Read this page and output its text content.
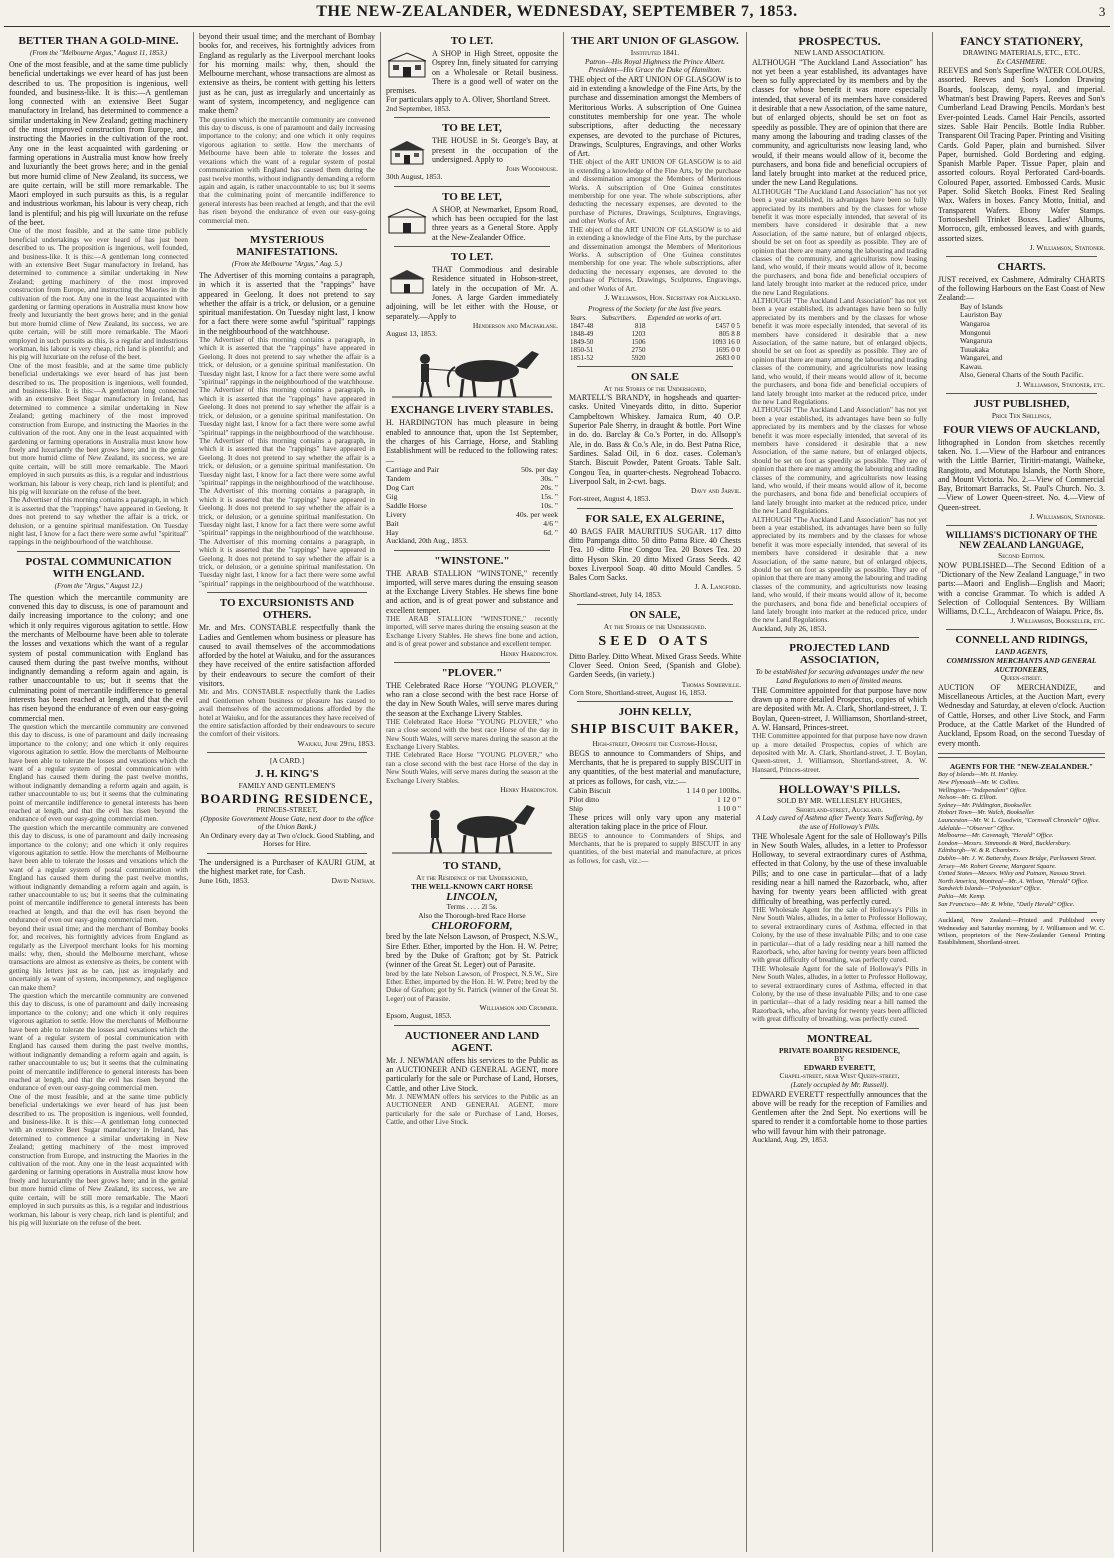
THE NEW-ZEALANDER, WEDNESDAY, SEPTEMBER 7, 1853.	3
BETTER THAN A GOLD-MINE.
(From the "Melbourne Argus," August 11, 1853.)
One of the most feasible, and at the same time publicly beneficial undertakings we ever heard of has just been described to us. The proposition is ingenious, well founded, and business-like. It is this:—A gentleman long connected with an extensive Beet Sugar manufactory in Ireland, has determined to commence a similar undertaking in New Zealand; getting machinery of the most improved construction from Europe, and instructing the Maories in the cultivation of the root. Any one in the least acquainted with gardening or farming operations in Australia must know how freely and luxuriantly the beet grows here; and in the genial but more humid clime of New Zealand, its success, we are quite certain, will be still more remarkable. The Maori employed in such pursuits as this, is a regular and industrious workman, his labour is very cheap, rich land is plentiful; and his pig will luxuriate on the refuse of the beet.
One of the most feasible, and at the same time publicly beneficial undertakings we ever heard of has just been described to us. The proposition is ingenious, well founded, and business-like. It is this:—A gentleman long connected with an extensive Beet Sugar manufactory in Ireland, has determined to commence a similar undertaking in New Zealand; getting machinery of the most improved construction from Europe, and instructing the Maories in the cultivation of the root. Any one in the least acquainted with gardening or farming operations in Australia must know how freely and luxuriantly the beet grows here; and in the genial but more humid clime of New Zealand, its success, we are quite certain, will be still more remarkable. The Maori employed in such pursuits as this, is a regular and industrious workman, his labour is very cheap, rich land is plentiful; and his pig will luxuriate on the refuse of the beet.
One of the most feasible, and at the same time publicly beneficial undertakings we ever heard of has just been described to us. The proposition is ingenious, well founded, and business-like. It is this:—A gentleman long connected with an extensive Beet Sugar manufactory in Ireland, has determined to commence a similar undertaking in New Zealand; getting machinery of the most improved construction from Europe, and instructing the Maories in the cultivation of the root. Any one in the least acquainted with gardening or farming operations in Australia must know how freely and luxuriantly the beet grows here; and in the genial but more humid clime of New Zealand, its success, we are quite certain, will be still more remarkable. The Maori employed in such pursuits as this, is a regular and industrious workman, his labour is very cheap, rich land is plentiful; and his pig will luxuriate on the refuse of the beet.
The Advertiser of this morning contains a paragraph, in which it is asserted that the "rappings" have appeared in Geelong. It does not pretend to say whether the affair is a trick, or delusion, or a genuine spiritual manifestation. On Tuesday night last, I know for a fact there were some awful "spiritual" rappings in the neighbourhood of the watchhouse.
POSTAL COMMUNICATION WITH ENGLAND.
(From the "Argus," August 12.)
The question which the mercantile community are convened this day to discuss, is one of paramount and daily increasing importance to the colony; and one which it only requires vigorous agitation to settle. How the merchants of Melbourne have been able to tolerate the losses and vexations which the want of a regular system of postal communication with England has caused them during the past twelve months, without indignantly demanding a reform again and again, is rather unaccountable to us; but it seems that the culminating point of mercantile indifference to general interests has been reached at length, and that the evil has risen beyond the endurance of even our easy-going commercial men.
The question which the mercantile community are convened this day to discuss, is one of paramount and daily increasing importance to the colony; and one which it only requires vigorous agitation to settle. How the merchants of Melbourne have been able to tolerate the losses and vexations which the want of a regular system of postal communication with England has caused them during the past twelve months, without indignantly demanding a reform again and again, is rather unaccountable to us; but it seems that the culminating point of mercantile indifference to general interests has been reached at length, and that the evil has risen beyond the endurance of even our easy-going commercial men.
The question which the mercantile community are convened this day to discuss, is one of paramount and daily increasing importance to the colony; and one which it only requires vigorous agitation to settle. How the merchants of Melbourne have been able to tolerate the losses and vexations which the want of a regular system of postal communication with England has caused them during the past twelve months, without indignantly demanding a reform again and again, is rather unaccountable to us; but it seems that the culminating point of mercantile indifference to general interests has been reached at length, and that the evil has risen beyond the endurance of even our easy-going commercial men.
beyond their usual time; and the merchant of Bombay books for, and receives, his fortnightly advices from England as regularly as the Liverpool merchant looks for his morning mails: why, then, should the Melbourne merchant, whose transactions are almost as extensive as theirs, be content with getting his letters just as he can, just as irregularly and uncertainly as want of system, incompetency, and negligence can make them?
The question which the mercantile community are convened this day to discuss, is one of paramount and daily increasing importance to the colony; and one which it only requires vigorous agitation to settle. How the merchants of Melbourne have been able to tolerate the losses and vexations which the want of a regular system of postal communication with England has caused them during the past twelve months, without indignantly demanding a reform again and again, is rather unaccountable to us; but it seems that the culminating point of mercantile indifference to general interests has been reached at length, and that the evil has risen beyond the endurance of even our easy-going commercial men.
One of the most feasible, and at the same time publicly beneficial undertakings we ever heard of has just been described to us. The proposition is ingenious, well founded, and business-like. It is this:—A gentleman long connected with an extensive Beet Sugar manufactory in Ireland, has determined to commence a similar undertaking in New Zealand; getting machinery of the most improved construction from Europe, and instructing the Maories in the cultivation of the root. Any one in the least acquainted with gardening or farming operations in Australia must know how freely and luxuriantly the beet grows here; and in the genial but more humid clime of New Zealand, its success, we are quite certain, will be still more remarkable. The Maori employed in such pursuits as this, is a regular and industrious workman, his labour is very cheap, rich land is plentiful; and his pig will luxuriate on the refuse of the beet.
beyond their usual time; and the merchant of Bombay books for, and receives, his fortnightly advices from England as regularly as the Liverpool merchant looks for his morning mails: why, then, should the Melbourne merchant, whose transactions are almost as extensive as theirs, be content with getting his letters just as he can, just as irregularly and uncertainly as want of system, incompetency, and negligence can make them?
The question which the mercantile community are convened this day to discuss, is one of paramount and daily increasing importance to the colony; and one which it only requires vigorous agitation to settle. How the merchants of Melbourne have been able to tolerate the losses and vexations which the want of a regular system of postal communication with England has caused them during the past twelve months, without indignantly demanding a reform again and again, is rather unaccountable to us; but it seems that the culminating point of mercantile indifference to general interests has been reached at length, and that the evil has risen beyond the endurance of even our easy-going commercial men.
MYSTERIOUS MANIFESTATIONS.
(From the Melbourne "Argus," Aug. 5.)
The Advertiser of this morning contains a paragraph, in which it is asserted that the "rappings" have appeared in Geelong. It does not pretend to say whether the affair is a trick, or delusion, or a genuine spiritual manifestation. On Tuesday night last, I know for a fact there were some awful "spiritual" rappings in the neighbourhood of the watchhouse.
The Advertiser of this morning contains a paragraph, in which it is asserted that the "rappings" have appeared in Geelong. It does not pretend to say whether the affair is a trick, or delusion, or a genuine spiritual manifestation. On Tuesday night last, I know for a fact there were some awful "spiritual" rappings in the neighbourhood of the watchhouse.
The Advertiser of this morning contains a paragraph, in which it is asserted that the "rappings" have appeared in Geelong. It does not pretend to say whether the affair is a trick, or delusion, or a genuine spiritual manifestation. On Tuesday night last, I know for a fact there were some awful "spiritual" rappings in the neighbourhood of the watchhouse.
The Advertiser of this morning contains a paragraph, in which it is asserted that the "rappings" have appeared in Geelong. It does not pretend to say whether the affair is a trick, or delusion, or a genuine spiritual manifestation. On Tuesday night last, I know for a fact there were some awful "spiritual" rappings in the neighbourhood of the watchhouse.
The Advertiser of this morning contains a paragraph, in which it is asserted that the "rappings" have appeared in Geelong. It does not pretend to say whether the affair is a trick, or delusion, or a genuine spiritual manifestation. On Tuesday night last, I know for a fact there were some awful "spiritual" rappings in the neighbourhood of the watchhouse.
The Advertiser of this morning contains a paragraph, in which it is asserted that the "rappings" have appeared in Geelong. It does not pretend to say whether the affair is a trick, or delusion, or a genuine spiritual manifestation. On Tuesday night last, I know for a fact there were some awful "spiritual" rappings in the neighbourhood of the watchhouse.
TO EXCURSIONISTS AND OTHERS.
Mr. and Mrs. CONSTABLE respectfully thank the Ladies and Gentlemen whom business or pleasure has caused to avail themselves of the accommodations afforded by the hotel at Waiuku, and for the assurances they have received of the entire satisfaction afforded by their endeavours to secure the comfort of their visitors.
Mr. and Mrs. CONSTABLE respectfully thank the Ladies and Gentlemen whom business or pleasure has caused to avail themselves of the accommodations afforded by the hotel at Waiuku, and for the assurances they have received of the entire satisfaction afforded by their endeavours to secure the comfort of their visitors.
Waiuku, June 29th, 1853.
[A CARD.]
J. H. KING'S
FAMILY AND GENTLEMEN'S
BOARDING RESIDENCE,
PRINCES-STREET,
(Opposite Government House Gate, next door to the office of the Union Bank.)
An Ordinary every day at Two o'clock. Good Stabling, and Horses for Hire.
The undersigned is a Purchaser of KAURI GUM, at the highest market rate, for Cash.
June 16th, 1853.	David Nathan.
TO LET.
A SHOP in High Street, opposite the Osprey Inn, finely situated for carrying on a Wholesale or Retail business. There is a good well of water on the premises.
For particulars apply to A. Oliver, Shortland Street.
2nd September, 1853.
TO BE LET,
THE HOUSE in St. George's Bay, at present in the occupation of the undersigned. Apply to
John Woodhouse.
30th August, 1853.
TO BE LET,
A SHOP, at Newmarket, Epsom Road, which has been occupied for the last three years as a General Store. Apply at the New-Zealander Office.
TO LET.
THAT Commodious and desirable Residence situated in Hobson-street, lately in the occupation of Mr. A. Jones. A large Garden immediately adjoining, will be let either with the House, or separately.—Apply to
Henderson and Macfarlane.
August 13, 1853.
EXCHANGE LIVERY STABLES.
H. HARDINGTON has much pleasure in being enabled to announce that, upon the 1st September, the charges of his Carriage, Horse, and Stabling Establishment will be reduced to the following rates:—
Carriage and Pair	50s. per day
Tandem	30s. "
Dog Cart	20s. "
Gig	15s. "
Saddle Horse	10s. "
Livery	40s. per week
Bait	4/6 "
Hay	6d. "
Auckland, 20th Aug., 1853.
"WINSTONE."
THE ARAB STALLION "WINSTONE," recently imported, will serve mares during the ensuing season at the Exchange Livery Stables. He shews fine bone and action, and is of great power and substance and excellent temper.
THE ARAB STALLION "WINSTONE," recently imported, will serve mares during the ensuing season at the Exchange Livery Stables. He shews fine bone and action, and is of great power and substance and excellent temper.
Henry Hardington.
"PLOVER."
THE Celebrated Race Horse "YOUNG PLOVER," who ran a close second with the best race Horse of the day in New South Wales, will serve mares during the season at the Exchange Livery Stables.
THE Celebrated Race Horse "YOUNG PLOVER," who ran a close second with the best race Horse of the day in New South Wales, will serve mares during the season at the Exchange Livery Stables.
THE Celebrated Race Horse "YOUNG PLOVER," who ran a close second with the best race Horse of the day in New South Wales, will serve mares during the season at the Exchange Livery Stables.
Henry Hardington.
TO STAND,
At the Residence of the Undersigned,
THE WELL-KNOWN CART HORSE
LINCOLN,
Terms . . . . 2l 5s.
Also the Thorough-bred Race Horse
CHLOROFORM,
bred by the late Nelson Lawson, of Prospect, N.S.W., Sire Ether. Ether, imported by the Hon. H. W. Petre; bred by the Duke of Grafton; got by St. Patrick (winner of the Great St. Leger) out of Parasite.
bred by the late Nelson Lawson, of Prospect, N.S.W., Sire Ether. Ether, imported by the Hon. H. W. Petre; bred by the Duke of Grafton; got by St. Patrick (winner of the Great St. Leger) out of Parasite.
Williamson and Crummer.
Epsom, August, 1853.
AUCTIONEER AND LAND AGENT.
Mr. J. NEWMAN offers his services to the Public as an AUCTIONEER AND GENERAL AGENT, more particularly for the sale or Purchase of Land, Horses, Cattle, and other Live Stock.
Mr. J. NEWMAN offers his services to the Public as an AUCTIONEER AND GENERAL AGENT, more particularly for the sale or Purchase of Land, Horses, Cattle, and other Live Stock.
THE ART UNION OF GLASGOW.
Instituted 1841.
Patron—His Royal Highness the Prince Albert.
President—His Grace the Duke of Hamilton.
THE object of the ART UNION OF GLASGOW is to aid in extending a knowledge of the Fine Arts, by the purchase and dissemination amongst the Members of Meritorious Works. A subscription of One Guinea constitutes membership for one year. The whole subscriptions, after deducting the necessary expenses, are devoted to the purchase of Pictures, Drawings, Sculptures, Engravings, and other Works of Art.
THE object of the ART UNION OF GLASGOW is to aid in extending a knowledge of the Fine Arts, by the purchase and dissemination amongst the Members of Meritorious Works. A subscription of One Guinea constitutes membership for one year. The whole subscriptions, after deducting the necessary expenses, are devoted to the purchase of Pictures, Drawings, Sculptures, Engravings, and other Works of Art.
THE object of the ART UNION OF GLASGOW is to aid in extending a knowledge of the Fine Arts, by the purchase and dissemination amongst the Members of Meritorious Works. A subscription of One Guinea constitutes membership for one year. The whole subscriptions, after deducting the necessary expenses, are devoted to the purchase of Pictures, Drawings, Sculptures, Engravings, and other Works of Art.
J. Williamson, Hon. Secretary for Auckland.
Progress of the Society for the last five years.
Years.	Subscribers.	Expended on works of art.
1847-48	818	£457 0 5
1848-49	1203	805 8 8
1849-50	1506	1093 16 0
1850-51	2750	1695 0 0
1851-52	5920	2683 0 0
ON SALE
At the Stores of the Undersigned,
MARTELL'S BRANDY, in hogsheads and quarter-casks. United Vineyards ditto, in ditto. Superior Campbeltown Whiskey. Jamaica Rum, 40 O.P. Superior Pale Sherry, in draught & bottle. Port Wine in do. do. Barclay & Co.'s Porter, in do. Allsopp's Ale, in do. Bass & Co.'s Ale, in do. Best Patna Rice, Sardines. Salad Oil, in 6 doz. cases. Coleman's Starch. Biscuit Powder, Patent Groats. Table Salt. Congou Tea, in quarter-chests. Negrohead Tobacco. Liverpool Salt, in 2-cwt. bags.
Davy and Jarvie.
Fort-street, August 4, 1853.
FOR SALE, EX ALGERINE,
40 BAGS FAIR MAURITIUS SUGAR. 117 ditto ditto Pampanga ditto. 50 ditto Patna Rice. 40 Chests Tea. 10 -ditto Fine Congou Tea. 20 Boxes Tea. 20 ditto Hyson Skin. 20 ditto Mixed Grass Seeds. 42 boxes Liverpool Soap. 40 ditto Mould Candles. 5 Bales Corn Sacks.
J. A. Langford.
Shortland-street, July 14, 1853.
ON SALE,
At the Stores of the Undersigned.
SEED OATS
Ditto Barley. Ditto Wheat. Mixed Grass Seeds. White Clover Seed. Onion Seed, (Spanish and Globe). Garden Seeds, (in variety.)
Thomas Somerville.
Corn Store, Shortland-street, August 16, 1853.
JOHN KELLY,
SHIP BISCUIT BAKER,
High-street, Opposite the Customs-House,
BEGS to announce to Commanders of Ships, and Merchants, that he is prepared to supply BISCUIT in any quantities, of the best material and manufacture, at prices as follows, for cash, viz.:—
Cabin Biscuit	1 14 0 per 100lbs.
Pilot ditto	1 12 0 "
Ship	1 10 0 "
These prices will only vary upon any material alteration taking place in the price of Flour.
BEGS to announce to Commanders of Ships, and Merchants, that he is prepared to supply BISCUIT in any quantities, of the best material and manufacture, at prices as follows, for cash, viz.:—
PROSPECTUS.
NEW LAND ASSOCIATION.
ALTHOUGH "The Auckland Land Association" has not yet been a year established, its advantages have been so fully appreciated by its members and by the classes for whose benefit it was more especially intended, that several of its members have considered it desirable that a new Association, of the same nature, but of enlarged objects, should be set on foot as speedily as possible. They are of opinion that there are many among the labouring and trading classes of the community, and agriculturists now leasing land, who would, if their means would allow of it, become the purchasers, and bona fide and beneficial occupiers of land lately brought into market at the reduced price, under the new Land Regulations.
ALTHOUGH "The Auckland Land Association" has not yet been a year established, its advantages have been so fully appreciated by its members and by the classes for whose benefit it was more especially intended, that several of its members have considered it desirable that a new Association, of the same nature, but of enlarged objects, should be set on foot as speedily as possible. They are of opinion that there are many among the labouring and trading classes of the community, and agriculturists now leasing land, who would, if their means would allow of it, become the purchasers, and bona fide and beneficial occupiers of land lately brought into market at the reduced price, under the new Land Regulations.
ALTHOUGH "The Auckland Land Association" has not yet been a year established, its advantages have been so fully appreciated by its members and by the classes for whose benefit it was more especially intended, that several of its members have considered it desirable that a new Association, of the same nature, but of enlarged objects, should be set on foot as speedily as possible. They are of opinion that there are many among the labouring and trading classes of the community, and agriculturists now leasing land, who would, if their means would allow of it, become the purchasers, and bona fide and beneficial occupiers of land lately brought into market at the reduced price, under the new Land Regulations.
ALTHOUGH "The Auckland Land Association" has not yet been a year established, its advantages have been so fully appreciated by its members and by the classes for whose benefit it was more especially intended, that several of its members have considered it desirable that a new Association, of the same nature, but of enlarged objects, should be set on foot as speedily as possible. They are of opinion that there are many among the labouring and trading classes of the community, and agriculturists now leasing land, who would, if their means would allow of it, become the purchasers, and bona fide and beneficial occupiers of land lately brought into market at the reduced price, under the new Land Regulations.
ALTHOUGH "The Auckland Land Association" has not yet been a year established, its advantages have been so fully appreciated by its members and by the classes for whose benefit it was more especially intended, that several of its members have considered it desirable that a new Association, of the same nature, but of enlarged objects, should be set on foot as speedily as possible. They are of opinion that there are many among the labouring and trading classes of the community, and agriculturists now leasing land, who would, if their means would allow of it, become the purchasers, and bona fide and beneficial occupiers of land lately brought into market at the reduced price, under the new Land Regulations.
Auckland, July 26, 1853.
PROJECTED LAND ASSOCIATION,
To be established for securing advantages under the new Land Regulations to men of limited means.
THE Committee appointed for that purpose have now drawn up a more detailed Prospectus, copies of which are deposited with Mr. A. Clark, Shortland-street, J. T. Boylan, Queen-street, J. Williamson, Shortland-street, A. W. Hansard, Princes-street.
THE Committee appointed for that purpose have now drawn up a more detailed Prospectus, copies of which are deposited with Mr. A. Clark, Shortland-street, J. T. Boylan, Queen-street, J. Williamson, Shortland-street, A. W. Hansard, Princes-street.
HOLLOWAY'S PILLS.
SOLD BY MR. WELLESLEY HUGHES,
Shortland-street, Auckland.
A Lady cured of Asthma after Twenty Years Suffering, by the use of Holloway's Pills.
THE Wholesale Agent for the sale of Holloway's Pills in New South Wales, alludes, in a letter to Professor Holloway, to several extraordinary cures of Asthma, effected in that Colony, by the use of these invaluable Pills; and to one case in particular—that of a lady residing near a hill named the Razorback, who, after having for twenty years been afflicted with great difficulty of breathing, was perfectly cured.
THE Wholesale Agent for the sale of Holloway's Pills in New South Wales, alludes, in a letter to Professor Holloway, to several extraordinary cures of Asthma, effected in that Colony, by the use of these invaluable Pills; and to one case in particular—that of a lady residing near a hill named the Razorback, who, after having for twenty years been afflicted with great difficulty of breathing, was perfectly cured.
THE Wholesale Agent for the sale of Holloway's Pills in New South Wales, alludes, in a letter to Professor Holloway, to several extraordinary cures of Asthma, effected in that Colony, by the use of these invaluable Pills; and to one case in particular—that of a lady residing near a hill named the Razorback, who, after having for twenty years been afflicted with great difficulty of breathing, was perfectly cured.
MONTREAL
PRIVATE BOARDING RESIDENCE,
BY
EDWARD EVERETT,
Chapel-street, near West Queen-street,
(Lately occupied by Mr. Russell).
EDWARD EVERETT respectfully announces that the above will be ready for the reception of Families and Gentlemen after the 2nd Sept. No exertions will be spared to render it a comfortable home to those parties who will favour him with their patronage.
Auckland, Aug. 29, 1853.
FANCY STATIONERY,
DRAWING MATERIALS, ETC., ETC.
Ex CASHMERE.
REEVES and Son's Superfine WATER COLOURS, assorted. Reeves and Son's London Drawing Boards, foolscap, demy, royal, and imperial. Whatman's best Drawing Papers. Reeves and Son's Cumberland Lead Drawing Pencils. Mordan's best Ever-pointed Leads. Camel Hair Pencils, assorted sizes. Sable Hair Pencils. Bottle India Rubber. Transparent Oil Tracing Paper. Printing and Visiting Cards. Gold Paper, plain and burnished. Silver Paper, burnished. Gold Bordering and edging. Spanish Marble Paper. Tissue Paper, plain and assorted colours. Royal Perforated Card-boards. Coloured Paper, assorted. Embossed Cards. Music Paper. Solid Sketch Books. Finest Red Sealing Wax. Wafers in boxes. Fancy Motto, Initial, and Transparent Wafers. Ebony Wafer Stamps. Tortoiseshell Trinket Boxes. Ladies' Albums, Morrocco, gilt, embossed leaves, and with guards, assorted sizes.
J. Williamson, Stationer.
CHARTS.
JUST received, ex Cashmere, Admiralty CHARTS of the following Harbours on the East Coast of New Zealand:—
Bay of Islands
Lauriston Bay
Wangaroa
Mongonui
Wangarura
Tuuakaka
Wangarei, and
Kawau.
Also, General Charts of the South Pacific.
J. Williamson, Stationer, etc.
JUST PUBLISHED,
Price Ten Shillings,
FOUR VIEWS OF AUCKLAND,
lithographed in London from sketches recently taken. No. 1.—View of the Harbour and entrances with the Little Barrier, Tiritiri-matangi, Waiheke, Rangitoto, and Motutapu Islands, the North Shore, and Mount Victoria. No. 2.—View of Commercial Bay, Britomart Barracks, St. Paul's Church. No. 3.—View of Lower Queen-street. No. 4.—View of Queen-street.
J. Williamson, Stationer.
WILLIAMS'S DICTIONARY OF THE NEW ZEALAND LANGUAGE,
Second Edition.
NOW PUBLISHED—The Second Edition of a "Dictionary of the New Zealand Language," in two parts:—Maori and English—English and Maori; with a concise Grammar. To which is added A Selection of Colloquial Sentences. By William Williams, D.C.L., Archdeacon of Waiapu. Price, 8s.
J. Williamson, Bookseller, etc.
CONNELL AND RIDINGS,
LAND AGENTS,
COMMISSION MERCHANTS AND GENERAL AUCTIONEERS,
Queen-street.
AUCTION OF MERCHANDIZE, and Miscellaneous Articles, at the Auction Mart, every Wednesday and Saturday, at eleven o'clock. Auction of Cattle, Horses, and other Live Stock, and Farm Produce, at the Cattle Market of the Hundred of Auckland, Epsom Road, on the second Tuesday of every month.
AGENTS FOR THE "NEW-ZEALANDER."
Bay of Islands—Mr. H. Hanley.
New Plymouth—Mr. W. Collins.
Wellington—"Independent" Office.
Nelson—Mr. G. Elliott.
Sydney—Mr. Piddington, Bookseller.
Hobart Town—Mr. Walch, Bookseller.
Launceston—Mr. W. L. Goodwin, "Cornwall Chronicle" Office.
Adelaide—"Observer" Office.
Melbourne—Mr. Cavenagh, "Herald" Office.
London—Messrs. Simmonds & Ward, Bucklersbury.
Edinburgh—W. & R. Chambers.
Dublin—Mr. J. W. Battersby, Essex Bridge, Parliament Street.
Jersey—Mr. Robert Greene, Margaret Square.
United States—Messrs. Wiley and Putnam, Nassau Street.
North America, Montreal—Mr. A. Wilson, "Herald" Office.
Sandwich Islands—"Polynesian" Office.
Pahia—Mr. Kemp.
San Francisco—Mr. R. White, "Daily Herald" Office.
Auckland, New Zealand:—Printed and Published every Wednesday and Saturday morning, by J. Williamson and W. C. Wilson, proprietors of the New-Zealander General Printing Establishment, Shortland-street.
